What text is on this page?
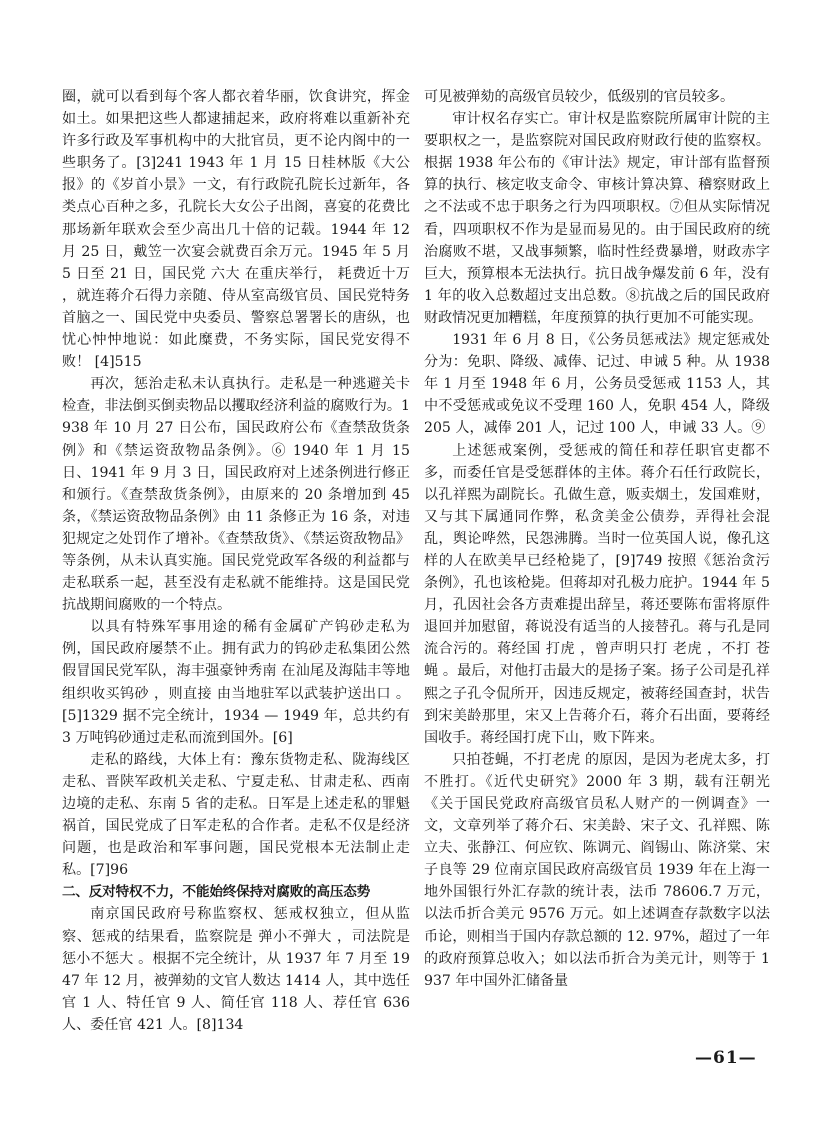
圈，就可以看到每个客人都衣着华丽，饮食讲究，挥金如土。如果把这些人都逮捕起来，政府将难以重新补充许多行政及军事机构中的大批官员，更不论内阁中的一些职务了。[3]241 1943 年 1 月 15 日桂林版《大公报》的《岁首小景》一文，有行政院孔院长过新年，各类点心百种之多，孔院长大女公子出阁，喜宴的花费比那场新年联欢会至少高出几十倍的记载。1944 年 12 月 25 日，戴笠一次宴会就费百余万元。1945 年 5 月 5 日至 21 日，国民党 六大 在重庆举行， 耗费近十万 ，就连蒋介石得力亲随、侍从室高级官员、国民党特务首脑之一、国民党中央委员、警察总署署长的唐纵，也忧心忡忡地说：如此糜费，不务实际，国民党安得不败！ [4]515

再次，惩治走私未认真执行。走私是一种逃避关卡检查，非法倒买倒卖物品以攫取经济利益的腐败行为。1938 年 10 月 27 日公布，国民政府公布《查禁敌货条例》和《禁运资敌物品条例》。⑥ 1940 年 1 月 15 日、1941 年 9 月 3 日，国民政府对上述条例进行修正和颁行。《查禁敌货条例》，由原来的 20 条增加到 45 条，《禁运资敌物品条例》由 11 条修正为 16 条，对违犯规定之处罚作了增补。《查禁敌货》、《禁运资敌物品》等条例，从未认真实施。国民党党政军各级的利益都与走私联系一起，甚至没有走私就不能维持。这是国民党抗战期间腐败的一个特点。

以具有特殊军事用途的稀有金属矿产钨砂走私为例，国民政府屡禁不止。拥有武力的钨砂走私集团公然假冒国民党军队，海丰强豪钟秀南 在汕尾及海陆丰等地组织收买钨砂 ，则直接 由当地驻军以武装护送出口 。[5]1329 据不完全统计，1934 — 1949 年，总共约有 3 万吨钨砂通过走私而流到国外。[6]

走私的路线，大体上有：豫东货物走私、陇海线区走私、晋陕军政机关走私、宁夏走私、甘肃走私、西南边境的走私、东南 5 省的走私。日军是上述走私的罪魁祸首，国民党成了日军走私的合作者。走私不仅是经济问题，也是政治和军事问题，国民党根本无法制止走私。[7]96

二、反对特权不力，不能始终保持对腐败的高压态势

南京国民政府号称监察权、惩戒权独立，但从监察、惩戒的结果看，监察院是 弹小不弹大 ，司法院是 惩小不惩大 。根据不完全统计，从 1937 年 7 月至 1947 年 12 月，被弹劾的文官人数达 1414 人，其中选任官 1 人、特任官 9 人、简任官 118 人、荐任官 636 人、委任官 421 人。[8]134

可见被弹劾的高级官员较少，低级别的官员较多。

审计权名存实亡。审计权是监察院所属审计院的主要职权之一，是监察院对国民政府财政行使的监察权。根据 1938 年公布的《审计法》规定，审计部有监督预算的执行、核定收支命令、审核计算决算、稽察财政上之不法或不忠于职务之行为四项职权。⑦但从实际情况看，四项职权不作为是显而易见的。由于国民政府的统治腐败不堪，又战事频繁，临时性经费暴增，财政赤字巨大，预算根本无法执行。抗日战争爆发前 6 年，没有 1 年的收入总数超过支出总数。⑧抗战之后的国民政府财政情况更加糟糕，年度预算的执行更加不可能实现。

1931 年 6 月 8 日，《公务员惩戒法》规定惩戒处分为：免职、降级、减俸、记过、申诫 5 种。从 1938 年 1 月至 1948 年 6 月，公务员受惩戒 1153 人，其中不受惩戒或免议不受理 160 人，免职 454 人，降级 205 人，减俸 201 人，记过 100 人，申诫 33 人。⑨

上述惩戒案例，受惩戒的简任和荐任职官吏都不多，而委任官是受惩群体的主体。蒋介石任行政院长，以孔祥熙为副院长。孔做生意，贩卖烟土，发国难财，又与其下属通同作弊，私贪美金公债券，弄得社会混乱，舆论哗然，民怨沸腾。当时一位英国人说，像孔这样的人在欧美早已经枪毙了，[9]749 按照《惩治贪污条例》，孔也该枪毙。但蒋却对孔极力庇护。1944 年 5 月，孔因社会各方责难提出辞呈，蒋还要陈布雷将原件退回并加慰留，蒋说没有适当的人接替孔。蒋与孔是同流合污的。蒋经国 打虎 ，曾声明只打 老虎 ，不打 苍蝇 。最后，对他打击最大的是扬子案。扬子公司是孔祥熙之子孔令侃所开，因违反规定，被蒋经国查封，状告到宋美龄那里，宋又上告蒋介石，蒋介石出面，要蒋经国收手。蒋经国打虎下山，败下阵来。

只拍苍蝇，不打老虎 的原因，是因为老虎太多，打不胜打。《近代史研究》2000 年 3 期，载有汪朝光《关于国民党政府高级官员私人财产的一例调查》一文，文章列举了蒋介石、宋美龄、宋子文、孔祥熙、陈立夫、张静江、何应钦、陈调元、阎锡山、陈济棠、宋子良等 29 位南京国民政府高级官员 1939 年在上海一地外国银行外汇存款的统计表，法币 78606.7 万元，以法币折合美元 9576 万元。如上述调查存款数字以法币论，则相当于国内存款总额的 12. 97%，超过了一年的政府预算总收入；如以法币折合为美元计，则等于 1937 年中国外汇储备量

—61—
